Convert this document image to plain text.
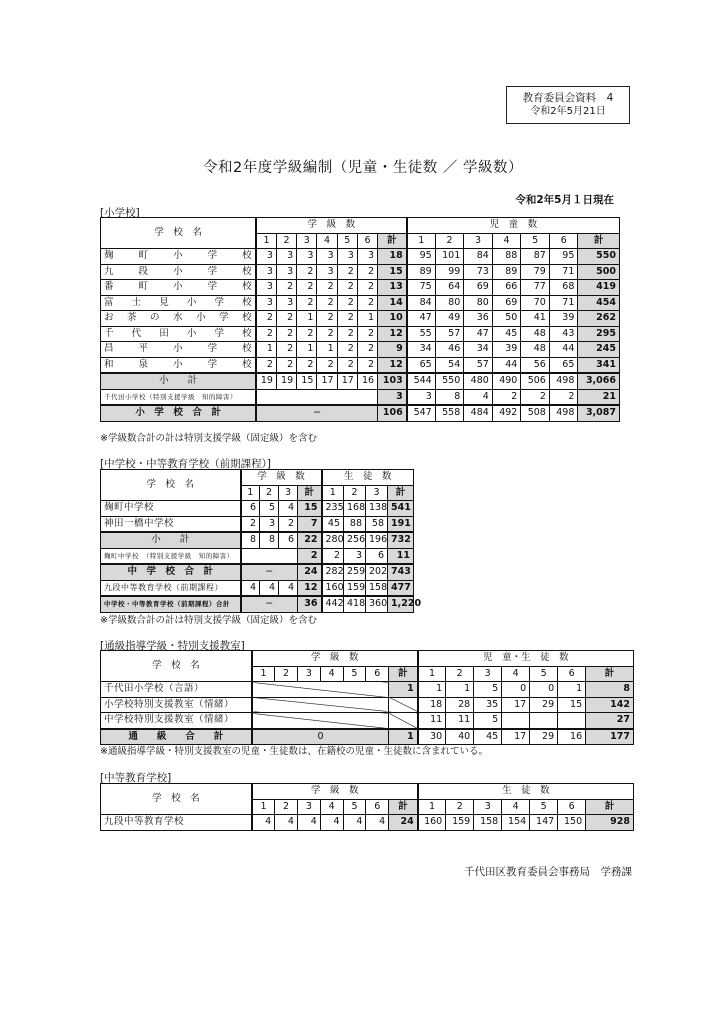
教育委員会資料　4
令和2年5月21日
令和2年度学級編制（児童・生徒数 ／ 学級数）
令和2年5月１日現在
[小学校]
学　校　名	学　級　数							児　童　数						
	1	2	3	4	5	6	計	1	2	3	4	5	6	計
麹町小学校	3	3	3	3	3	3	18	95	101	84	88	87	95	550
九段小学校	3	3	2	3	2	2	15	89	99	73	89	79	71	500
番町小学校	3	2	2	2	2	2	13	75	64	69	66	77	68	419
富士見小学校	3	3	2	2	2	2	14	84	80	80	69	70	71	454
お茶の水小学校	2	2	1	2	2	1	10	47	49	36	50	41	39	262
千代田小学校	2	2	2	2	2	2	12	55	57	47	45	48	43	295
昌平小学校	1	2	1	1	2	2	9	34	46	34	39	48	44	245
和泉小学校	2	2	2	2	2	2	12	65	54	57	44	56	65	341
小　　計	19	19	15	17	17	16	103	544	550	480	490	506	498	3,066
千代田小学校（特別支援学級　知的障害）							3	3	8	4	2	2	2	21
小　学　校　合　計	−						106	547	558	484	492	508	498	3,087
※学級数合計の計は特別支援学級（固定級）を含む
[中学校・中等教育学校（前期課程）]
学　校　名	学　級　数				生　徒　数			
	1	2	3	計	1	2	3	計
麹町中学校	6	5	4	15	235	168	138	541
神田一橋中学校	2	3	2	7	45	88	58	191
小　　計	8	8	6	22	280	256	196	732
麹町中学校　（特別支援学級　知的障害）				2	2	3	6	11
中　学　校　合　計	−			24	282	259	202	743
九段中等教育学校（前期課程）	4	4	4	12	160	159	158	477
中学校・中等教育学校（前期課程）合計	−			36	442	418	360	1,220
※学級数合計の計は特別支援学級（固定級）を含む
[通級指導学級・特別支援教室]
学　校　名	学　級　数							児　童・生　徒　数						
	1	2	3	4	5	6	計	1	2	3	4	5	6	計
千代田小学校（言語）							1	1	1	5	0	0	1	8
小学校特別支援教室（情緒）								18	28	35	17	29	15	142
中学校特別支援教室（情緒）								11	11	5				27
通　　級　　合　　計	0						1	30	40	45	17	29	16	177
※通級指導学級・特別支援教室の児童・生徒数は、在籍校の児童・生徒数に含まれている。
[中等教育学校]
学　校　名	学　級　数							生　徒　数						
	1	2	3	4	5	6	計	1	2	3	4	5	6	計
九段中等教育学校	4	4	4	4	4	4	24	160	159	158	154	147	150	928
千代田区教育委員会事務局　学務課
